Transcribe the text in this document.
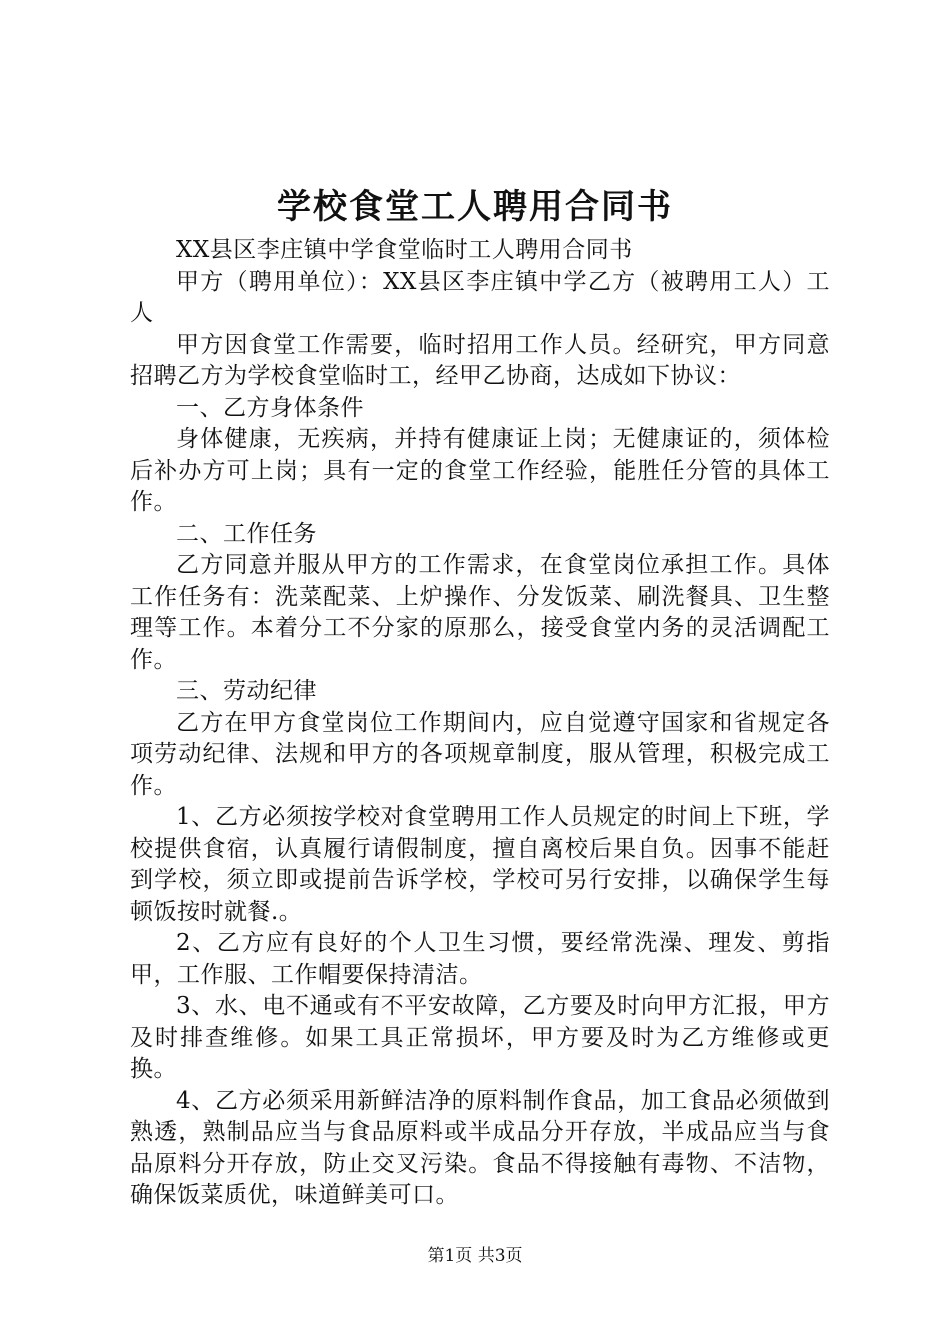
学校食堂工人聘用合同书

XX县区李庄镇中学食堂临时工人聘用合同书

甲方（聘用单位）：XX县区李庄镇中学乙方（被聘用工人）工人

甲方因食堂工作需要，临时招用工作人员。经研究，甲方同意招聘乙方为学校食堂临时工，经甲乙协商，达成如下协议：

一、乙方身体条件

身体健康，无疾病，并持有健康证上岗；无健康证的，须体检后补办方可上岗；具有一定的食堂工作经验，能胜任分管的具体工作。

二、工作任务

乙方同意并服从甲方的工作需求，在食堂岗位承担工作。具体工作任务有：洗菜配菜、上炉操作、分发饭菜、刷洗餐具、卫生整理等工作。本着分工不分家的原那么，接受食堂内务的灵活调配工作。

三、劳动纪律

乙方在甲方食堂岗位工作期间内，应自觉遵守国家和省规定各项劳动纪律、法规和甲方的各项规章制度，服从管理，积极完成工作。

1、乙方必须按学校对食堂聘用工作人员规定的时间上下班，学校提供食宿，认真履行请假制度，擅自离校后果自负。因事不能赶到学校，须立即或提前告诉学校，学校可另行安排，以确保学生每顿饭按时就餐.。

2、乙方应有良好的个人卫生习惯，要经常洗澡、理发、剪指甲，工作服、工作帽要保持清洁。

3、水、电不通或有不平安故障，乙方要及时向甲方汇报，甲方及时排查维修。如果工具正常损坏，甲方要及时为乙方维修或更换。

4、乙方必须采用新鲜洁净的原料制作食品，加工食品必须做到熟透，熟制品应当与食品原料或半成品分开存放，半成品应当与食品原料分开存放，防止交叉污染。食品不得接触有毒物、不洁物，确保饭菜质优，味道鲜美可口。

第1页 共3页
